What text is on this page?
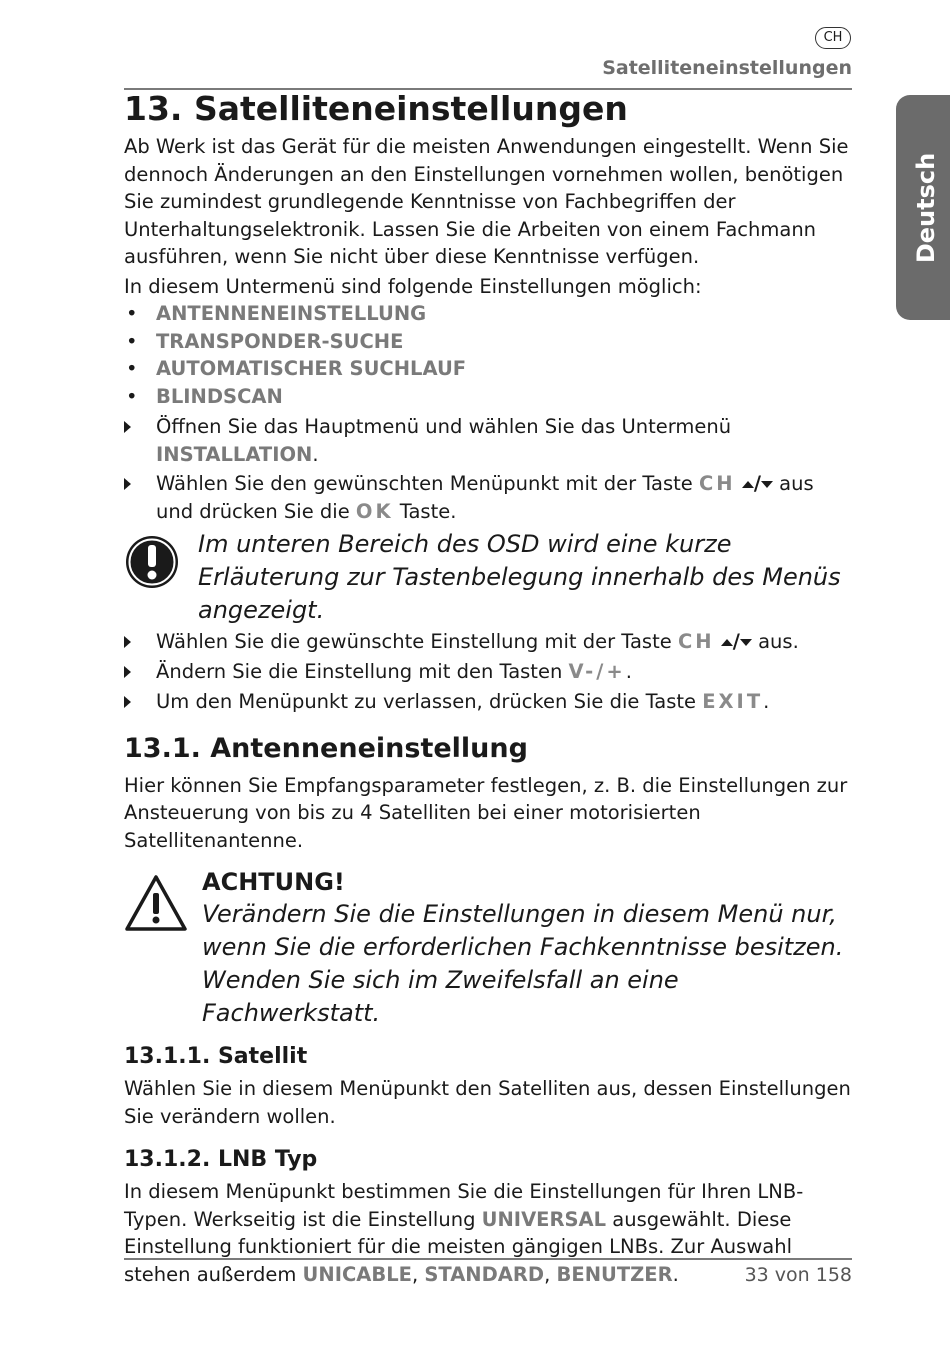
CH
Satelliteneinstellungen
Deutsch
13. Satelliteneinstellungen

Ab Werk ist das Gerät für die meisten Anwendungen eingestellt. Wenn Sie dennoch Änderungen an den Einstellungen vornehmen wollen, benötigen Sie zumindest grundlegende Kenntnisse von Fachbegriffen der Unterhaltungselektronik. Lassen Sie die Arbeiten von einem Fachmann ausführen, wenn Sie nicht über diese Kenntnisse verfügen.

In diesem Untermenü sind folgende Einstellungen möglich:

• ANTENNENEINSTELLUNG
• TRANSPONDER-SUCHE
• AUTOMATISCHER SUCHLAUF
• BLINDSCAN
Öffnen Sie das Hauptmenü und wählen Sie das Untermenü INSTALLATION.
Wählen Sie den gewünschten Menüpunkt mit der Taste CH / aus und drücken Sie die OK Taste.
Im unteren Bereich des OSD wird eine kurze Erläuterung zur Tastenbelegung innerhalb des Menüs angezeigt.
Wählen Sie die gewünschte Einstellung mit der Taste CH / aus.
Ändern Sie die Einstellung mit den Tasten V-/+.
Um den Menüpunkt zu verlassen, drücken Sie die Taste EXIT.
13.1. Antenneneinstellung

Hier können Sie Empfangsparameter festlegen, z. B. die Einstellungen zur Ansteuerung von bis zu 4 Satelliten bei einer motorisierten Satellitenantenne.

ACHTUNG!
Verändern Sie die Einstellungen in diesem Menü nur, wenn Sie die erforderlichen Fachkenntnisse besitzen. Wenden Sie sich im Zweifelsfall an eine Fachwerkstatt.
13.1.1. Satellit

Wählen Sie in diesem Menüpunkt den Satelliten aus, dessen Einstellungen Sie verändern wollen.

13.1.2. LNB Typ

In diesem Menüpunkt bestimmen Sie die Einstellungen für Ihren LNB-Typen. Werkseitig ist die Einstellung UNIVERSAL ausgewählt. Diese Einstellung funktioniert für die meisten gängigen LNBs. Zur Auswahl stehen außerdem UNICABLE, STANDARD, BENUTZER.	33 von 158
